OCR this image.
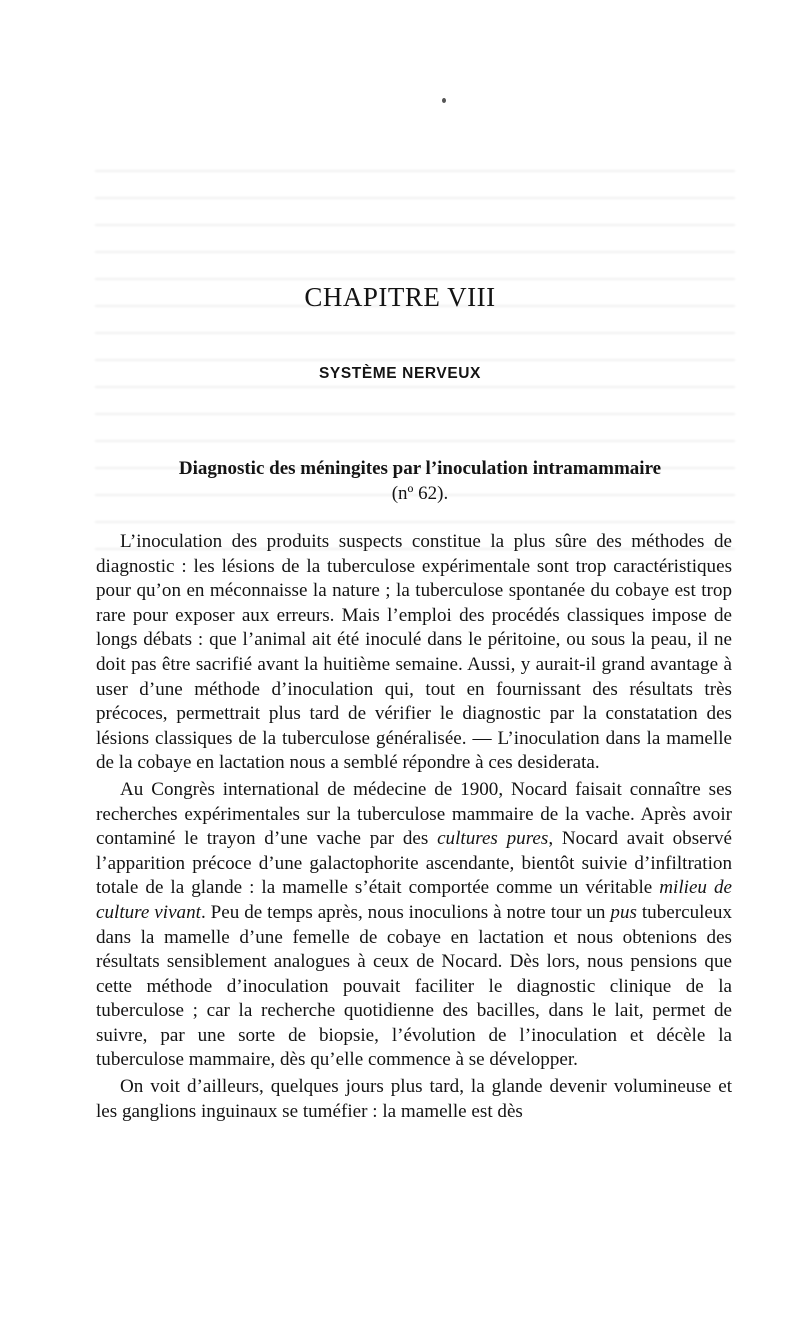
CHAPITRE VIII
SYSTÈME NERVEUX
Diagnostic des méningites par l’inoculation intramammaire
(nº 62).

L’inoculation des produits suspects constitue la plus sûre des méthodes de diagnostic : les lésions de la tuberculose expérimentale sont trop caractéristiques pour qu’on en méconnaisse la nature ; la tuberculose spontanée du cobaye est trop rare pour exposer aux erreurs. Mais l’emploi des procédés classiques impose de longs débats : que l’animal ait été inoculé dans le péritoine, ou sous la peau, il ne doit pas être sacrifié avant la huitième semaine. Aussi, y aurait-il grand avantage à user d’une méthode d’inoculation qui, tout en fournissant des résultats très précoces, permettrait plus tard de vérifier le diagnostic par la constatation des lésions classiques de la tuberculose généralisée. — L’inoculation dans la mamelle de la cobaye en lactation nous a semblé répondre à ces desiderata.

Au Congrès international de médecine de 1900, Nocard faisait connaître ses recherches expérimentales sur la tuberculose mammaire de la vache. Après avoir contaminé le trayon d’une vache par des cultures pures, Nocard avait observé l’apparition précoce d’une galactophorite ascendante, bientôt suivie d’infiltration totale de la glande : la mamelle s’était comportée comme un véritable milieu de culture vivant. Peu de temps après, nous inoculions à notre tour un pus tuberculeux dans la mamelle d’une femelle de cobaye en lactation et nous obtenions des résultats sensiblement analogues à ceux de Nocard. Dès lors, nous pensions que cette méthode d’inoculation pouvait faciliter le diagnostic clinique de la tuberculose ; car la recherche quotidienne des bacilles, dans le lait, permet de suivre, par une sorte de biopsie, l’évolution de l’inoculation et décèle la tuberculose mammaire, dès qu’elle commence à se développer.

On voit d’ailleurs, quelques jours plus tard, la glande devenir volumineuse et les ganglions inguinaux se tuméfier : la mamelle est dès
